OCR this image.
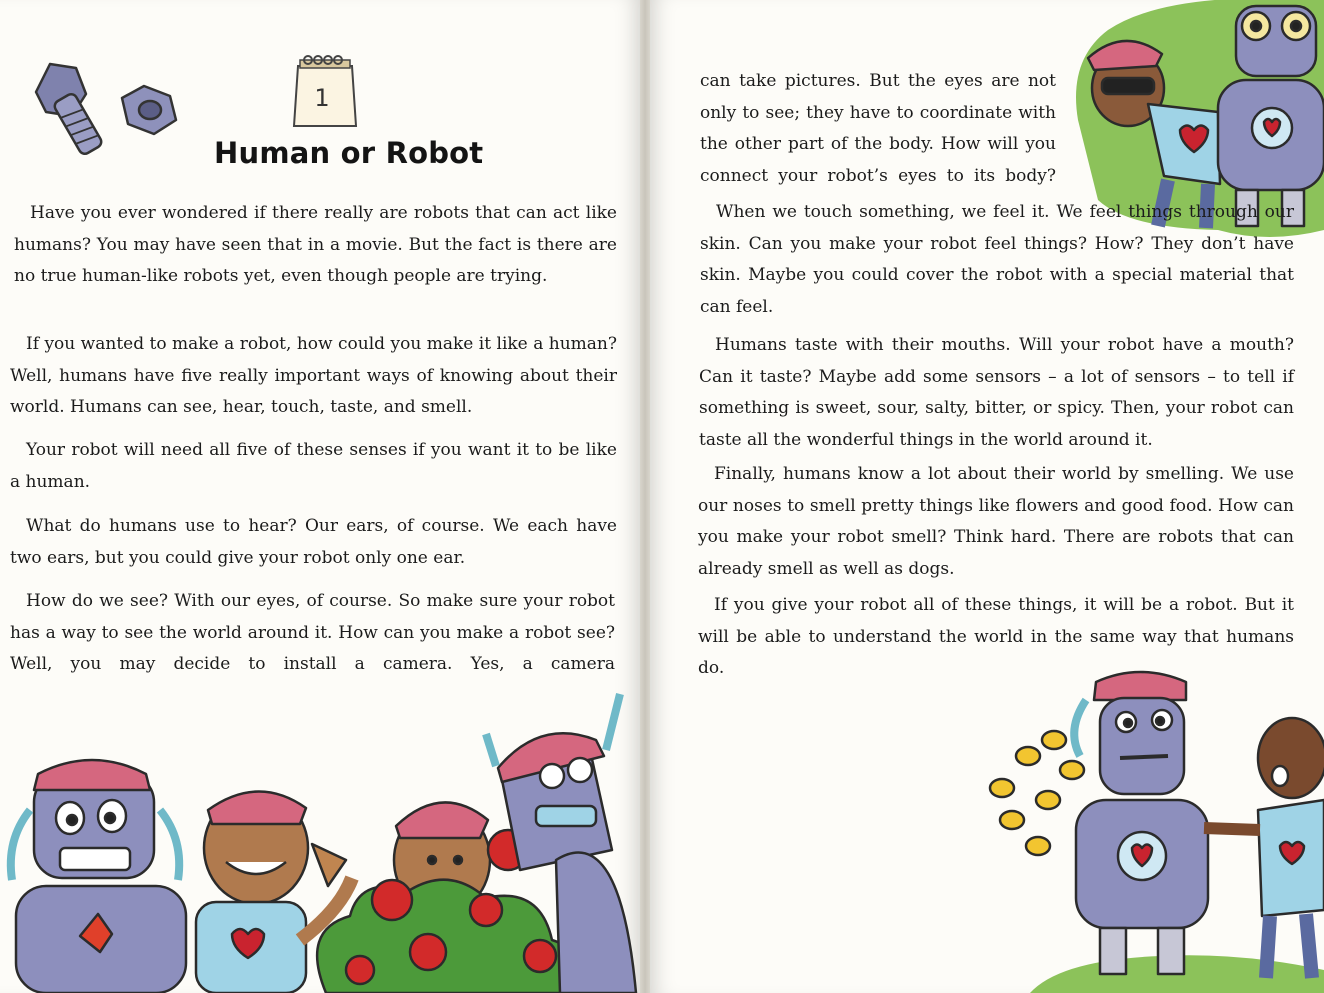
1
Human or Robot

Have you ever wondered if there really are robots that can act like humans? You may have seen that in a movie. But the fact is there are no true human-like robots yet, even though people are trying.

If you wanted to make a robot, how could you make it like a human? Well, humans have five really important ways of knowing about their world. Humans can see, hear, touch, taste, and smell.

Your robot will need all five of these senses if you want it to be like a human.

What do humans use to hear? Our ears, of course. We each have two ears, but you could give your robot only one ear.

How do we see? With our eyes, of course. So make sure your robot has a way to see the world around it. How can you make a robot see? Well, you may decide to install a camera. Yes, a camera

can take pictures. But the eyes are not only to see; they have to coordinate with the other part of the body. How will you connect your robot’s eyes to its body?

When we touch something, we feel it. We feel things through our skin. Can you make your robot feel things? How? They don’t have skin. Maybe you could cover the robot with a special material that can feel.

Humans taste with their mouths. Will your robot have a mouth? Can it taste? Maybe add some sensors – a lot of sensors – to tell if something is sweet, sour, salty, bitter, or spicy. Then, your robot can taste all the wonderful things in the world around it.

Finally, humans know a lot about their world by smelling. We use our noses to smell pretty things like flowers and good food. How can you make your robot smell? Think hard. There are robots that can already smell as well as dogs.

If you give your robot all of these things, it will be a robot. But it will be able to understand the world in the same way that humans do.
